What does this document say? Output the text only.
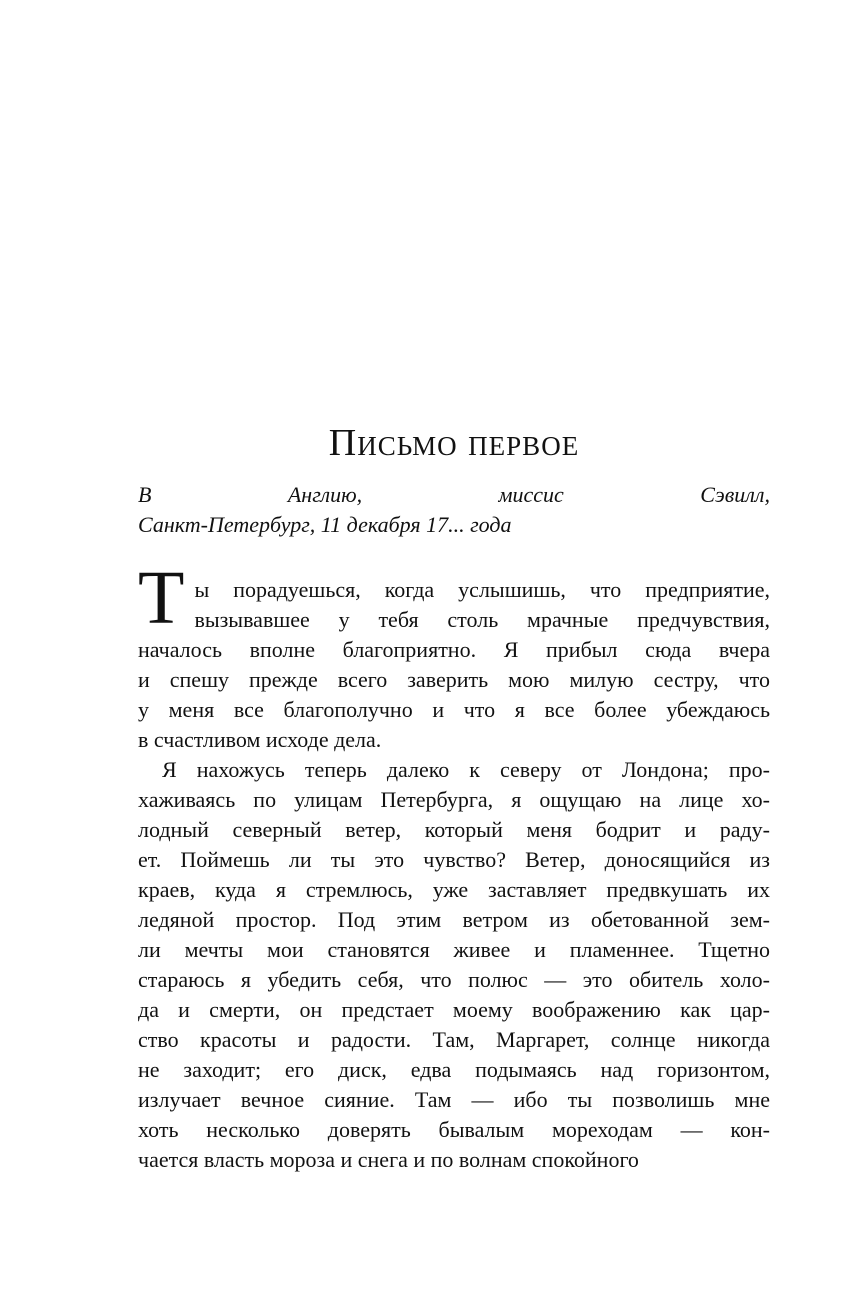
Письмо первое
В Англию, миссис Сэвилл,
Санкт-Петербург, 11 декабря 17... года
Т ы порадуешься, когда услышишь, что предприятие,
вызывавшее у тебя столь мрачные предчувствия,
началось вполне благоприятно. Я прибыл сюда вчера
и спешу прежде всего заверить мою милую сестру, что
у меня все благополучно и что я все более убеждаюсь
в счастливом исходе дела.
Я нахожусь теперь далеко к северу от Лондона; про-
хаживаясь по улицам Петербурга, я ощущаю на лице хо-
лодный северный ветер, который меня бодрит и раду-
ет. Поймешь ли ты это чувство? Ветер, доносящийся из
краев, куда я стремлюсь, уже заставляет предвкушать их
ледяной простор. Под этим ветром из обетованной зем-
ли мечты мои становятся живее и пламеннее. Тщетно
стараюсь я убедить себя, что полюс — это обитель холо-
да и смерти, он предстает моему воображению как цар-
ство красоты и радости. Там, Маргарет, солнце никогда
не заходит; его диск, едва подымаясь над горизонтом,
излучает вечное сияние. Там — ибо ты позволишь мне
хоть несколько доверять бывалым мореходам — кон-
чается власть мороза и снега и по волнам спокойного
